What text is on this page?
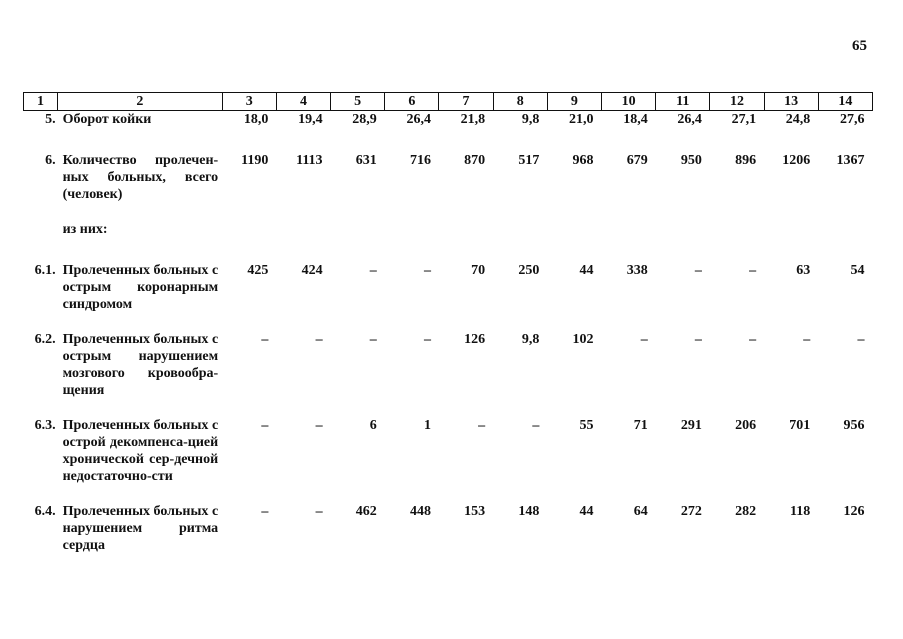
65
1	2	3	4	5	6	7	8	9	10	11	12	13	14
5.	Оборот койки	18,0	19,4	28,9	26,4	21,8	9,8	21,0	18,4	26,4	27,1	24,8	27,6

6.	Количество пролечен-ных больных, всего (человек)	1190	1113	631	716	870	517	968	679	950	896	1206	1367

	из них:												

6.1.	Пролеченных больных с острым коронарным синдромом	425	424	–	–	70	250	44	338	–	–	63	54

6.2.	Пролеченных больных с острым нарушением мозгового кровообра-щения	–	–	–	–	126	9,8	102	–	–	–	–	–

6.3.	Пролеченных больных с острой декомпенса-цией хронической сер-дечной недостаточно-сти	–	–	6	1	–	–	55	71	291	206	701	956

6.4.	Пролеченных больных с нарушением ритма сердца	–	–	462	448	153	148	44	64	272	282	118	126
